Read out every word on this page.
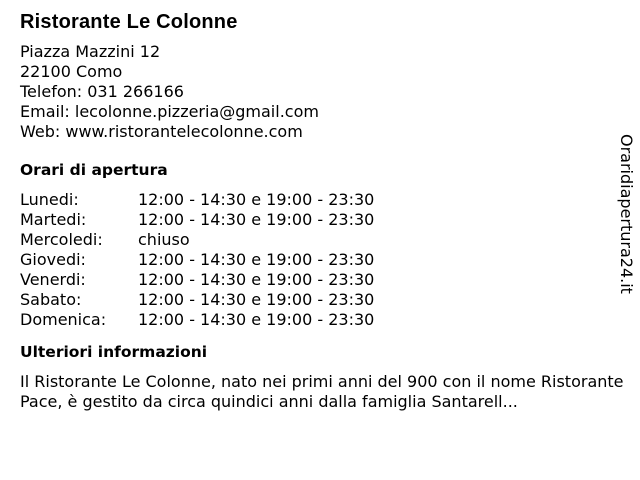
Ristorante Le Colonne
Piazza Mazzini 12
22100 Como
Telefon: 031 266166
Email: lecolonne.pizzeria@gmail.com
Web: www.ristorantelecolonne.com
Orari di apertura
Lunedi:	12:00 - 14:30 e 19:00 - 23:30
Martedi:	12:00 - 14:30 e 19:00 - 23:30
Mercoledi:	chiuso
Giovedi:	12:00 - 14:30 e 19:00 - 23:30
Venerdi:	12:00 - 14:30 e 19:00 - 23:30
Sabato:	12:00 - 14:30 e 19:00 - 23:30
Domenica:	12:00 - 14:30 e 19:00 - 23:30
Ulteriori informazioni

Il Ristorante Le Colonne, nato nei primi anni del 900 con il nome Ristorante Pace, è gestito da circa quindici anni dalla famiglia Santarell...

Oraridiapertura24.it
